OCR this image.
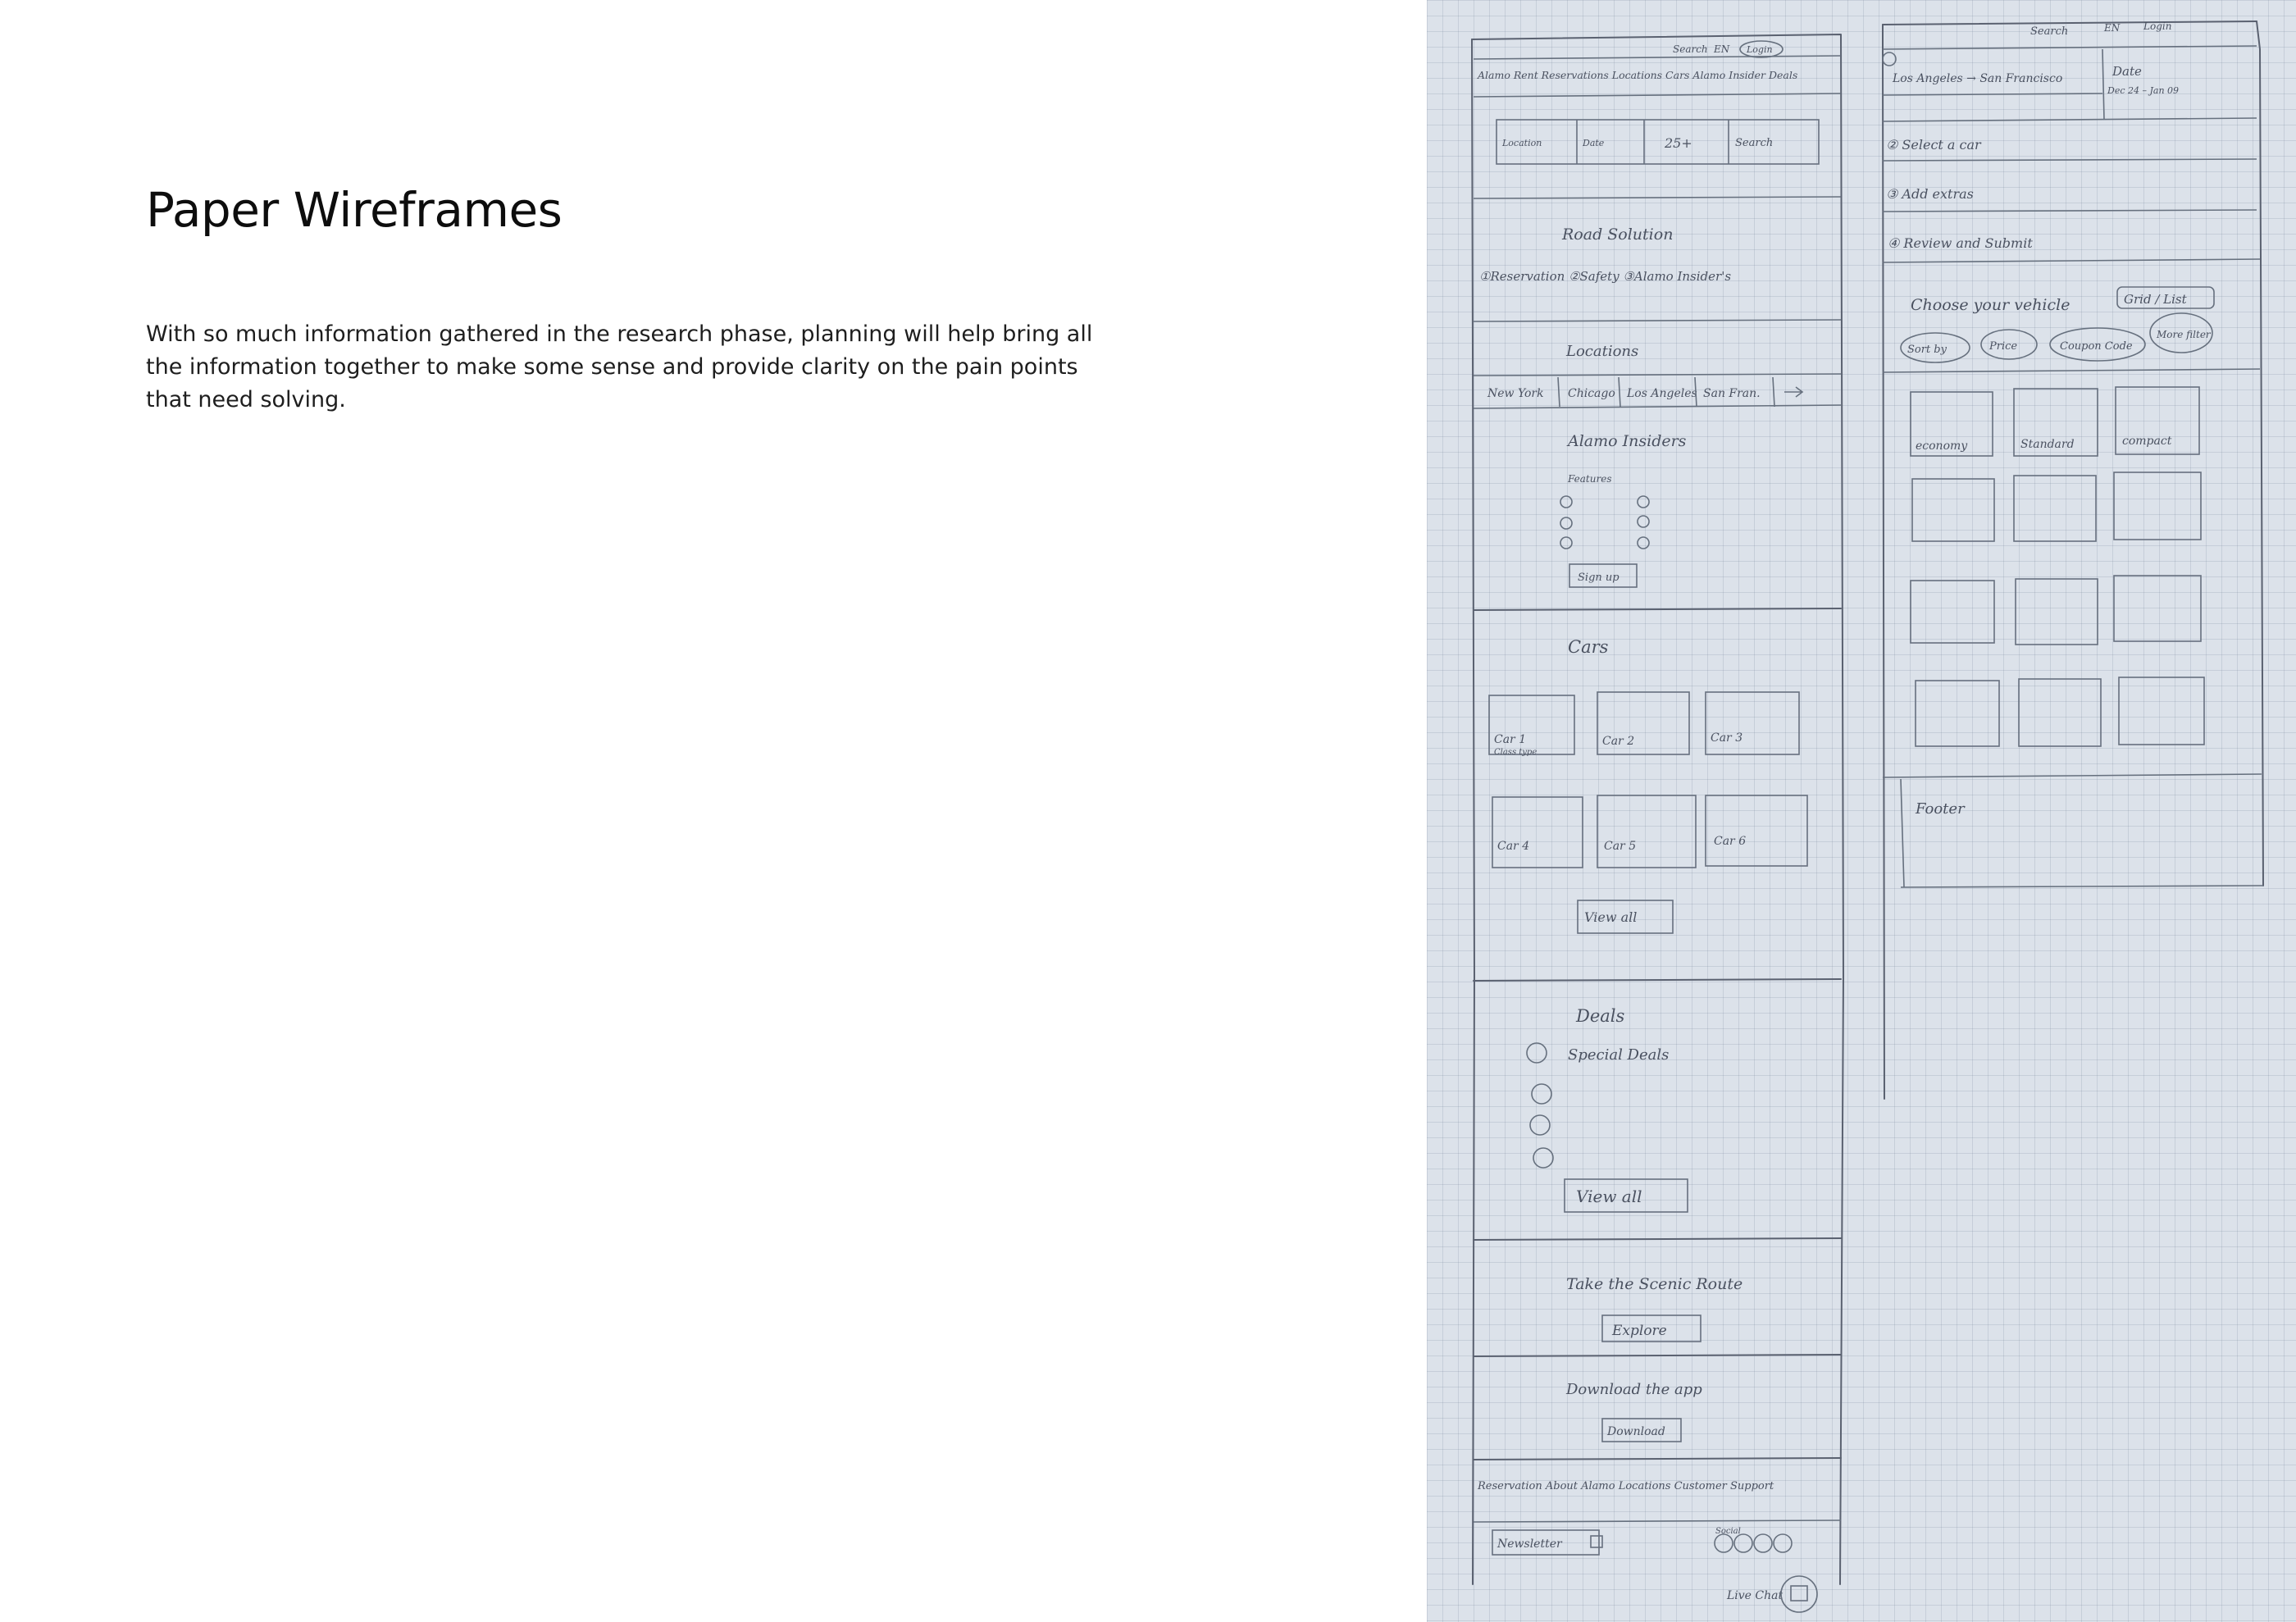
Paper Wireframes

With so much information gathered in the research phase, planning will help bring all the information together to make some sense and provide clarity on the pain points that need solving.

Search EN Login
Alamo Rent Reservations Locations Cars Alamo Insider Deals
Location	Date	25+	Search
Road Solution
①Reservation ②Safety ③Alamo Insider's
Locations
New York Chicago Los Angeles San Fran.
Alamo Insiders
Features
Sign up
Cars
Car 1
Class type
Car 2	Car 3
Car 4	Car 5	Car 6
View all
Deals
Special Deals
View all
Take the Scenic Route
Explore
Download the app
Download
Reservation About Alamo Locations Customer Support
Newsletter
Social
Live Chat
Search	EN Login
Los Angeles → San Francisco	Date
Dec 24 – Jan 09
② Select a car
③ Add extras
④ Review and Submit
Choose your vehicle	Grid / List
Sort by	Price	Coupon Code
More filter
economy	Standard	compact
Footer
